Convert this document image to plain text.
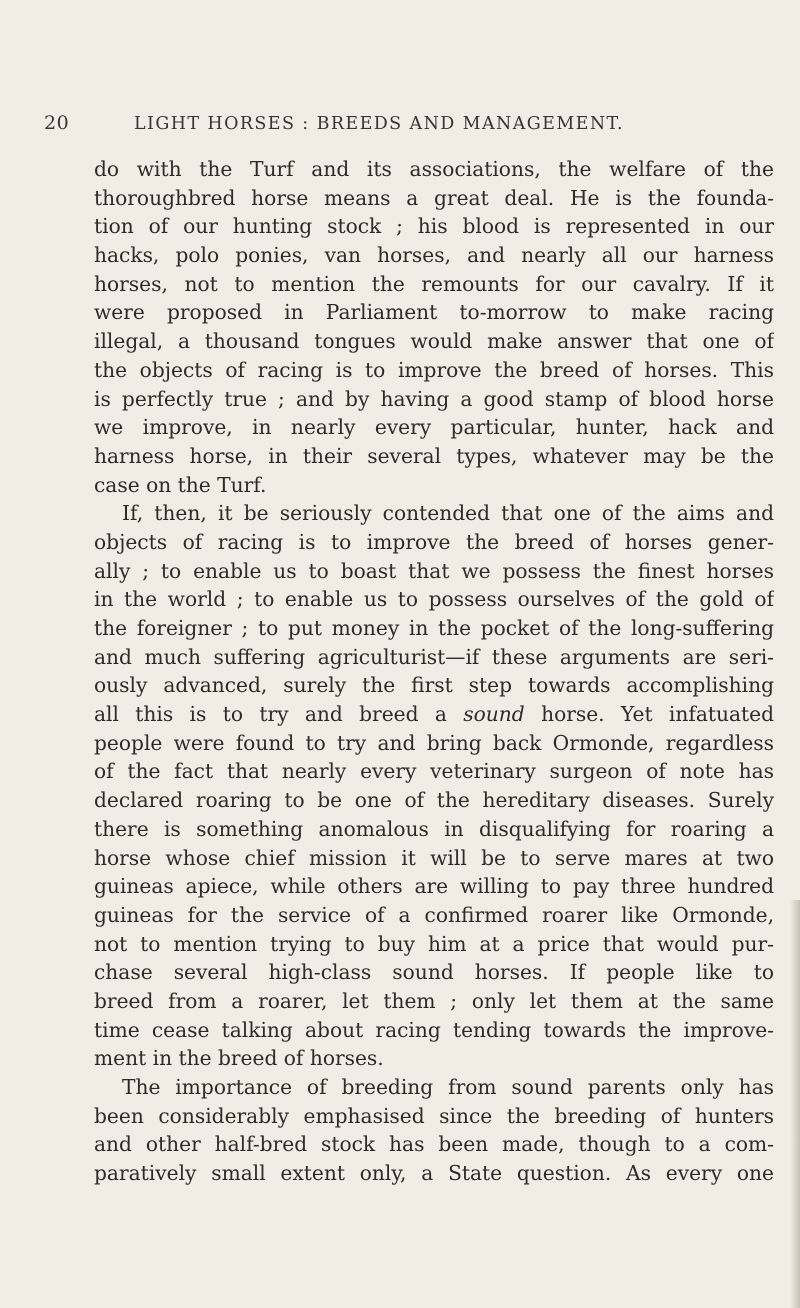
20	LIGHT HORSES : BREEDS AND MANAGEMENT.
do with the Turf and its associations, the welfare of the
thoroughbred horse means a great deal. He is the founda-
tion of our hunting stock ; his blood is represented in our
hacks, polo ponies, van horses, and nearly all our harness
horses, not to mention the remounts for our cavalry. If it
were proposed in Parliament to-morrow to make racing
illegal, a thousand tongues would make answer that one of
the objects of racing is to improve the breed of horses. This
is perfectly true ; and by having a good stamp of blood horse
we improve, in nearly every particular, hunter, hack and
harness horse, in their several types, whatever may be the
case on the Turf.
If, then, it be seriously contended that one of the aims and
objects of racing is to improve the breed of horses gener-
ally ; to enable us to boast that we possess the finest horses
in the world ; to enable us to possess ourselves of the gold of
the foreigner ; to put money in the pocket of the long-suffering
and much suffering agriculturist—if these arguments are seri-
ously advanced, surely the first step towards accomplishing
all this is to try and breed a sound horse. Yet infatuated
people were found to try and bring back Ormonde, regardless
of the fact that nearly every veterinary surgeon of note has
declared roaring to be one of the hereditary diseases. Surely
there is something anomalous in disqualifying for roaring a
horse whose chief mission it will be to serve mares at two
guineas apiece, while others are willing to pay three hundred
guineas for the service of a confirmed roarer like Ormonde,
not to mention trying to buy him at a price that would pur-
chase several high-class sound horses. If people like to
breed from a roarer, let them ; only let them at the same
time cease talking about racing tending towards the improve-
ment in the breed of horses.
The importance of breeding from sound parents only has
been considerably emphasised since the breeding of hunters
and other half-bred stock has been made, though to a com-
paratively small extent only, a State question. As every one
